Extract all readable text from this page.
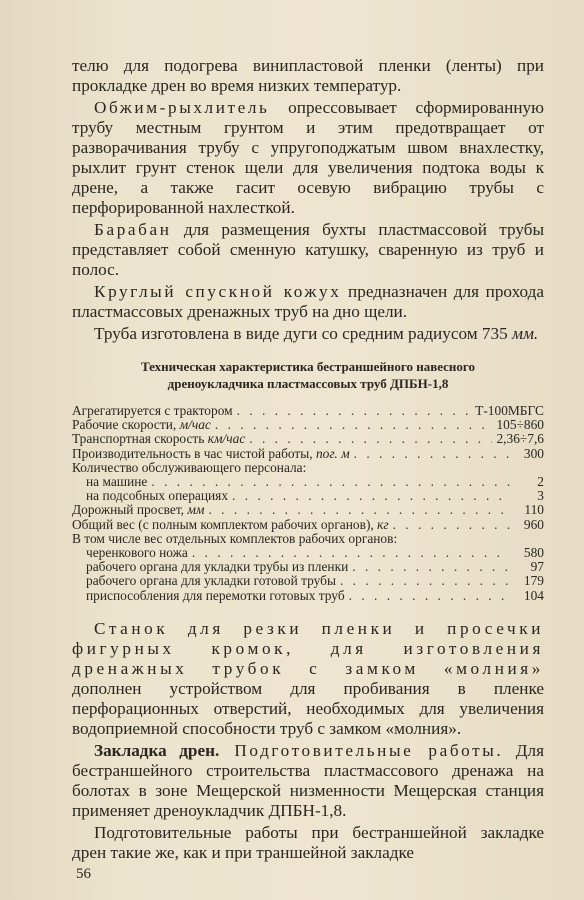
телю для подогрева винипластовой пленки (ленты) при прокладке дрен во время низких температур.

Обжим-рыхлитель опрессовывает сформированную трубу местным грунтом и этим предотвращает от разворачивания трубу с упругоподжатым швом внахлестку, рыхлит грунт стенок щели для увеличения подтока воды к дрене, а также гасит осевую вибрацию трубы с перфорированной нахлесткой.

Барабан для размещения бухты пластмассовой трубы представляет собой сменную катушку, сваренную из труб и полос.

Круглый спускной кожух предназначен для прохода пластмассовых дренажных труб на дно щели.

Труба изготовлена в виде дуги со средним радиусом 735 мм.

Техническая характеристика бестраншейного навесного
дреноукладчика пластмассовых труб ДПБН-1,8
Агрегатируется с трактором . . .	Т-100МБГС
Рабочие скорости, м/час . . .	105÷860
Транспортная скорость км/час . . .	2,36÷7,6
Производительность в час чистой работы, пог. м . . .	300
Количество обслуживающего персонала:
на машине . . .	2
на подсобных операциях . . .	3
Дорожный просвет, мм . . .	110
Общий вес (с полным комплектом рабочих органов), кг . . .	960
В том числе вес отдельных комплектов рабочих органов:
черенкового ножа . . .	580
рабочего органа для укладки трубы из пленки . . .	97
рабочего органа для укладки готовой трубы . . .	179
приспособления для перемотки готовых труб . . .	104

Станок для резки пленки и просечки фигурных кромок, для изготовления дренажных трубок с замком «молния» дополнен устройством для пробивания в пленке перфорационных отверстий, необходимых для увеличения водоприемной способности труб с замком «молния».

Закладка дрен. Подготовительные работы. Для бестраншейного строительства пластмассового дренажа на болотах в зоне Мещерской низменности Мещерская станция применяет дреноукладчик ДПБН-1,8.

Подготовительные работы при бестраншейной закладке дрен такие же, как и при траншейной закладке

56
